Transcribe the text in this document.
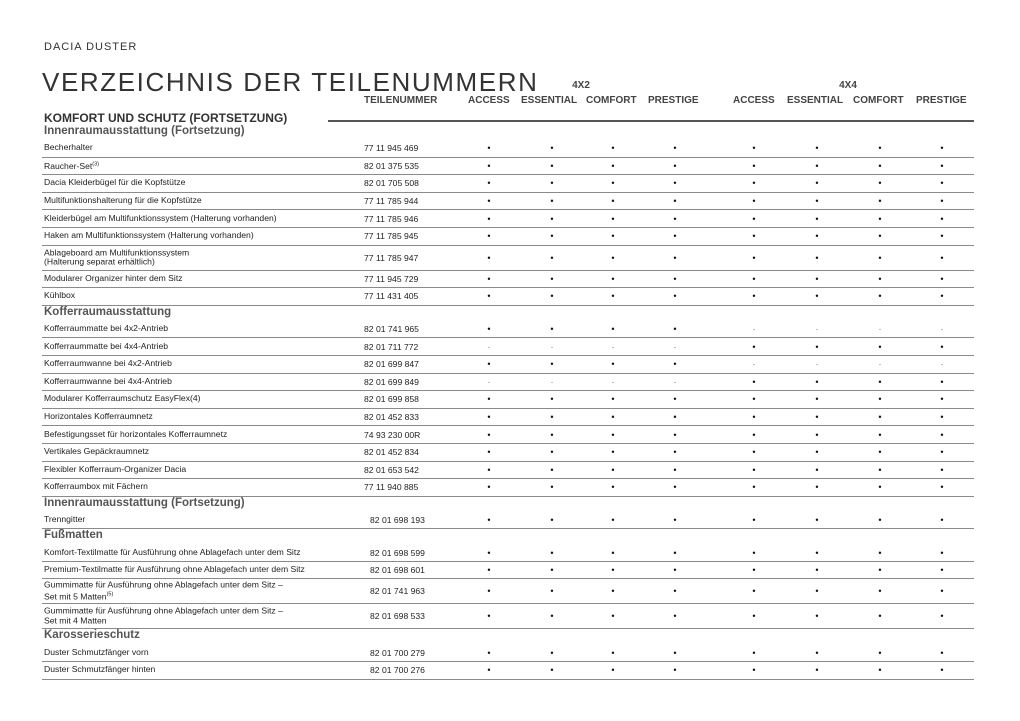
DACIA DUSTER
VERZEICHNIS DER TEILENUMMERN	4X2	4X4
TEILENUMMER	ACCESS ESSENTIAL COMFORT PRESTIGE	ACCESS ESSENTIAL COMFORT PRESTIGE
KOMFORT UND SCHUTZ (FORTSETZUNG)
Innenraumausstattung (Fortsetzung)
Becherhalter	77 11 945 469	•	•	•	•	•	•	•	•
Raucher-Set$^{(3)}$	82 01 375 535	•	•	•	•	•	•	•	•
Dacia Kleiderbügel für die Kopfstütze	82 01 705 508	•	•	•	•	•	•	•	•
Multifunktionshalterung für die Kopfstütze	77 11 785 944	•	•	•	•	•	•	•	•
Kleiderbügel am Multifunktionssystem (Halterung vorhanden)	77 11 785 946	•	•	•	•	•	•	•	•
Haken am Multifunktionssystem (Halterung vorhanden)	77 11 785 945	•	•	•	•	•	•	•	•
Ablageboard am Multifunktionssystem
(Halterung separat erhältlich)	77 11 785 947	•	•	•	•	•	•	•	•
Modularer Organizer hinter dem Sitz	77 11 945 729	•	•	•	•	•	•	•	•
Kühlbox	77 11 431 405	•	•	•	•	•	•	•	•
Kofferraumausstattung
Kofferraummatte bei 4x2-Antrieb	82 01 741 965	•	•	•	•	-	-	-	-
Kofferraummatte bei 4x4-Antrieb	82 01 711 772	-	-	-	-	•	•	•	•
Kofferraumwanne bei 4x2-Antrieb	82 01 699 847	•	•	•	•	-	-	-	-
Kofferraumwanne bei 4x4-Antrieb	82 01 699 849	-	-	-	-	•	•	•	•
Modularer Kofferraumschutz EasyFlex(4)	82 01 699 858	•	•	•	•	•	•	•	•
Horizontales Kofferraumnetz	82 01 452 833	•	•	•	•	•	•	•	•
Befestigungsset für horizontales Kofferraumnetz	74 93 230 00R	•	•	•	•	•	•	•	•
Vertikales Gepäckraumnetz	82 01 452 834	•	•	•	•	•	•	•	•
Flexibler Kofferraum-Organizer Dacia	82 01 653 542	•	•	•	•	•	•	•	•
Kofferraumbox mit Fächern	77 11 940 885	•	•	•	•	•	•	•	•
Innenraumausstattung (Fortsetzung)
Trenngitter	82 01 698 193	•	•	•	•	•	•	•	•
Fußmatten
Komfort-Textilmatte für Ausführung ohne Ablagefach unter dem Sitz	82 01 698 599	•	•	•	•	•	•	•	•
Premium-Textilmatte für Ausführung ohne Ablagefach unter dem Sitz	82 01 698 601	•	•	•	•	•	•	•	•
Gummimatte für Ausführung ohne Ablagefach unter dem Sitz –
Set mit 5 Matten$^{(5)}$	82 01 741 963	•	•	•	•	•	•	•	•
Gummimatte für Ausführung ohne Ablagefach unter dem Sitz –
Set mit 4 Matten	82 01 698 533	•	•	•	•	•	•	•	•
Karosserieschutz
Duster Schmutzfänger vorn	82 01 700 279	•	•	•	•	•	•	•	•
Duster Schmutzfänger hinten	82 01 700 276	•	•	•	•	•	•	•	•
